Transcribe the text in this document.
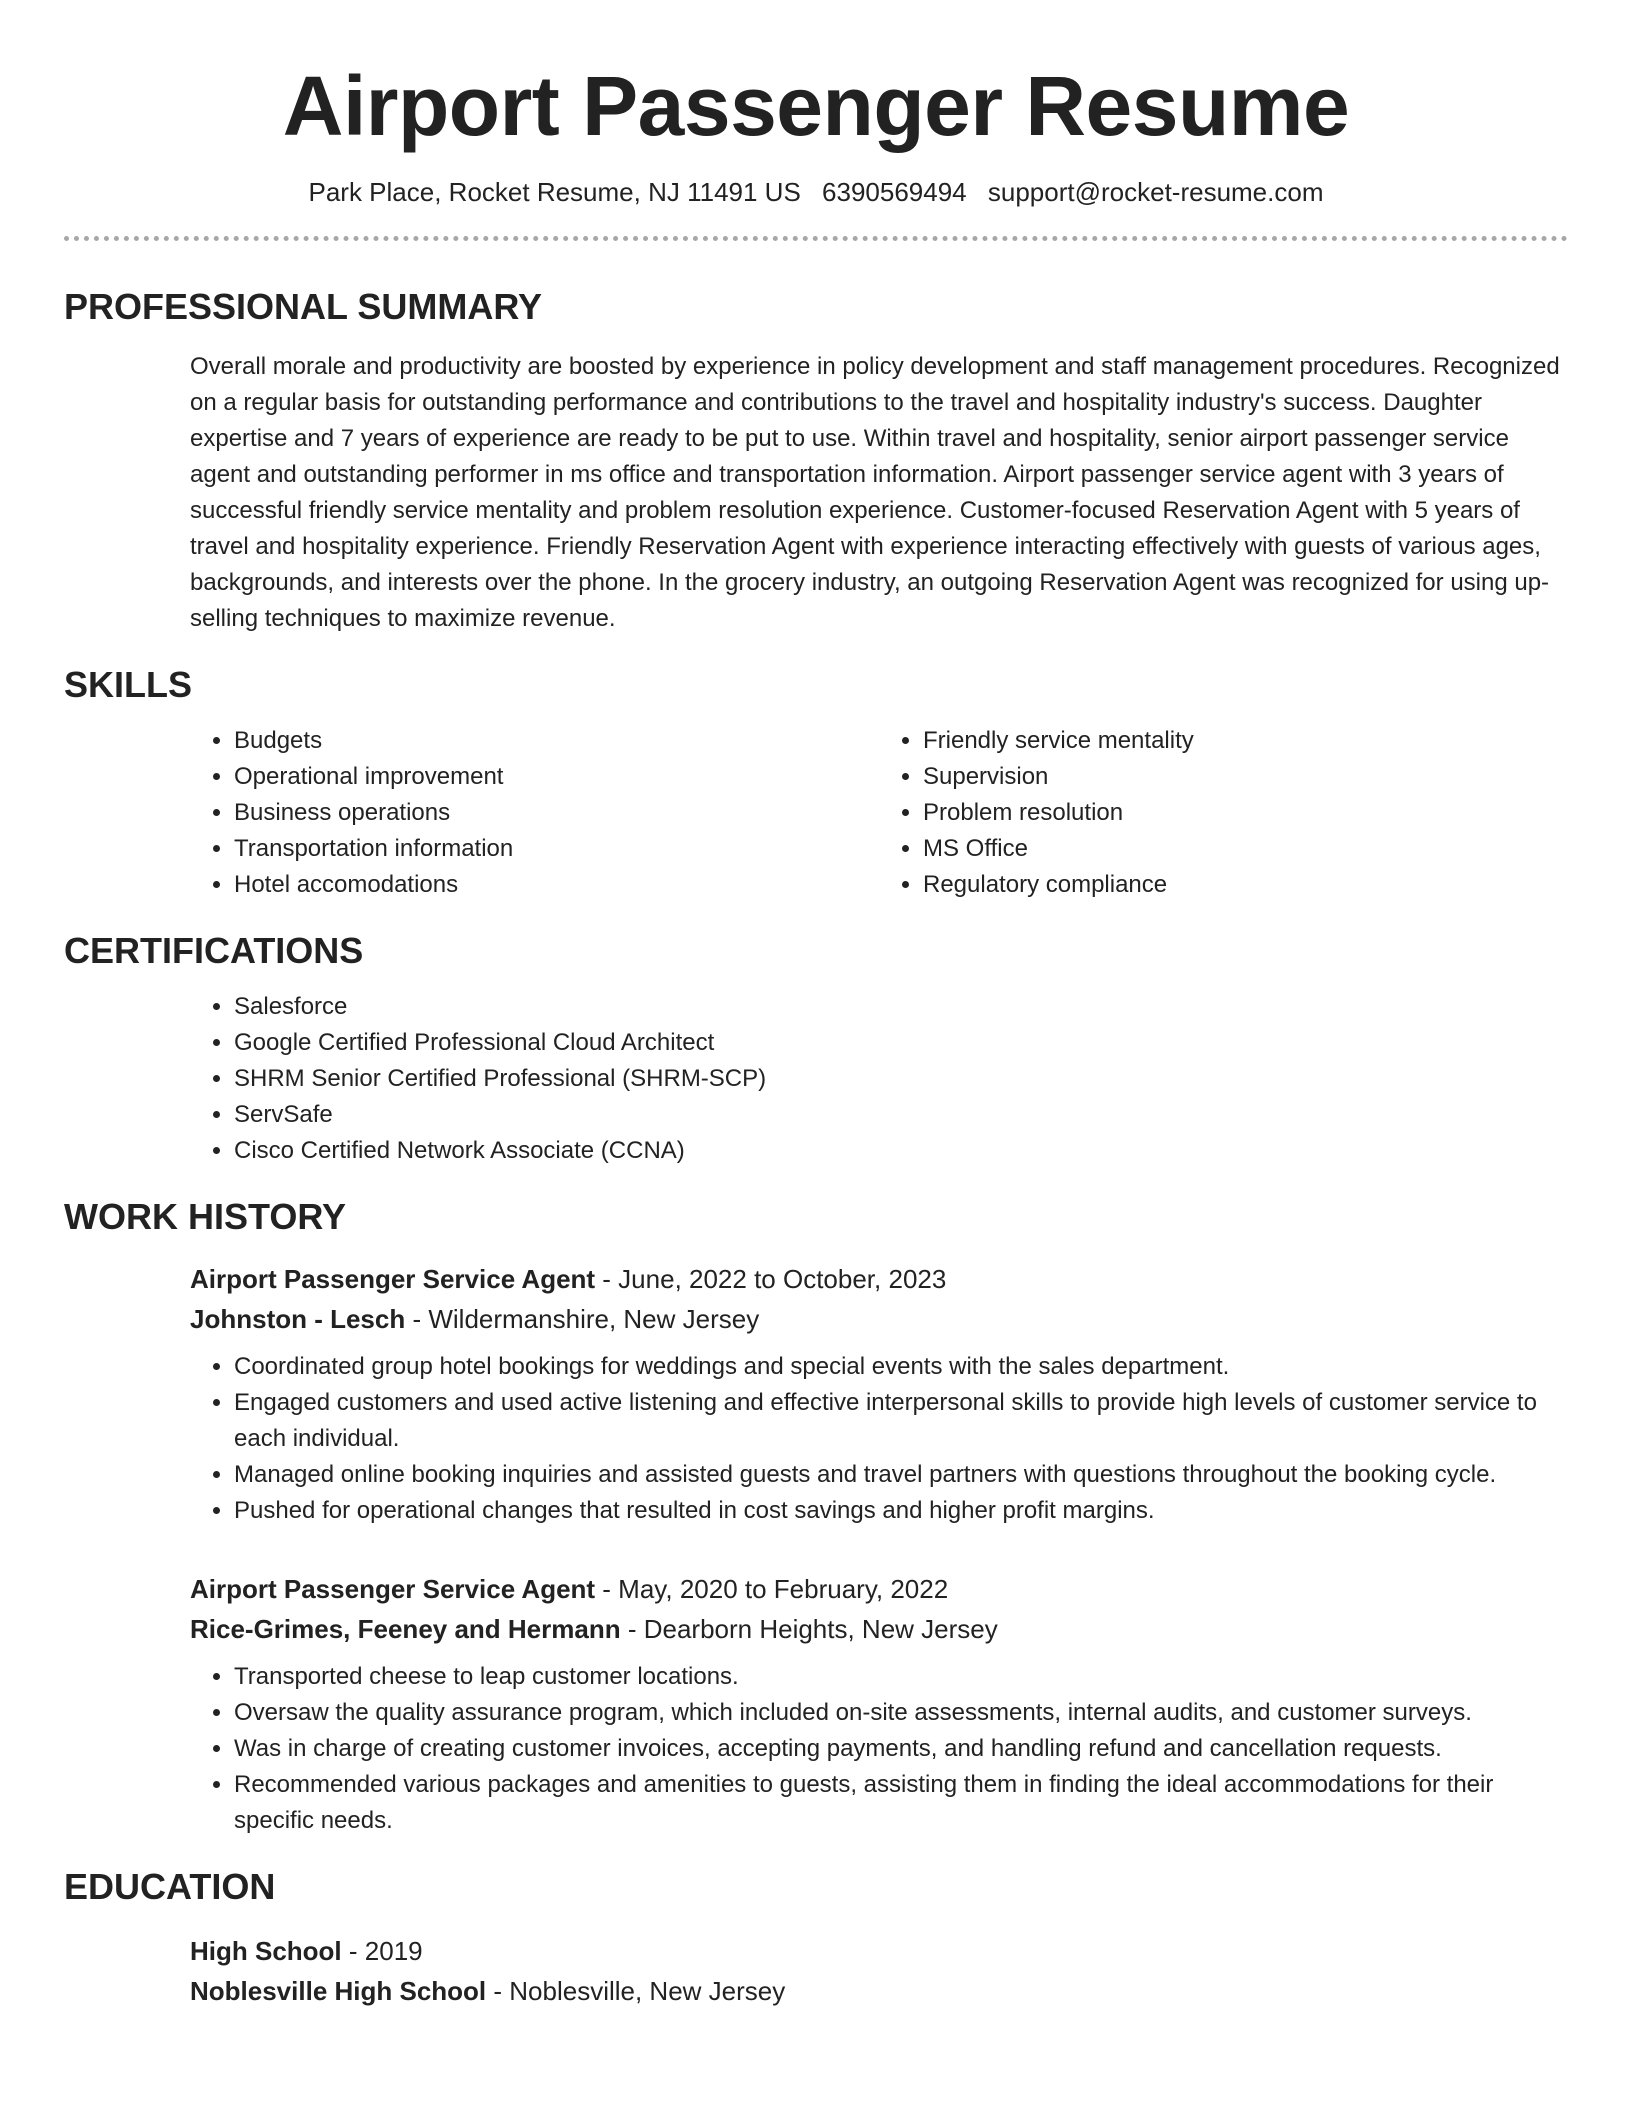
Airport Passenger Resume
Park Place, Rocket Resume, NJ 11491 US 6390569494 support@rocket-resume.com
PROFESSIONAL SUMMARY

Overall morale and productivity are boosted by experience in policy development and staff management procedures. Recognized on a regular basis for outstanding performance and contributions to the travel and hospitality industry's success. Daughter expertise and 7 years of experience are ready to be put to use. Within travel and hospitality, senior airport passenger service agent and outstanding performer in ms office and transportation information. Airport passenger service agent with 3 years of successful friendly service mentality and problem resolution experience. Customer-focused Reservation Agent with 5 years of travel and hospitality experience. Friendly Reservation Agent with experience interacting effectively with guests of various ages, backgrounds, and interests over the phone. In the grocery industry, an outgoing Reservation Agent was recognized for using up-selling techniques to maximize revenue.

SKILLS
• Budgets
• Operational improvement
• Business operations
• Transportation information
• Hotel accomodations
• Friendly service mentality
• Supervision
• Problem resolution
• MS Office
• Regulatory compliance
CERTIFICATIONS
• Salesforce
• Google Certified Professional Cloud Architect
• SHRM Senior Certified Professional (SHRM-SCP)
• ServSafe
• Cisco Certified Network Associate (CCNA)
WORK HISTORY
Airport Passenger Service Agent - June, 2022 to October, 2023
Johnston - Lesch - Wildermanshire, New Jersey
• Coordinated group hotel bookings for weddings and special events with the sales department.
• Engaged customers and used active listening and effective interpersonal skills to provide high levels of customer service to each individual.
• Managed online booking inquiries and assisted guests and travel partners with questions throughout the booking cycle.
• Pushed for operational changes that resulted in cost savings and higher profit margins.
Airport Passenger Service Agent - May, 2020 to February, 2022
Rice-Grimes, Feeney and Hermann - Dearborn Heights, New Jersey
• Transported cheese to leap customer locations.
• Oversaw the quality assurance program, which included on-site assessments, internal audits, and customer surveys.
• Was in charge of creating customer invoices, accepting payments, and handling refund and cancellation requests.
• Recommended various packages and amenities to guests, assisting them in finding the ideal accommodations for their specific needs.
EDUCATION
High School - 2019
Noblesville High School - Noblesville, New Jersey
